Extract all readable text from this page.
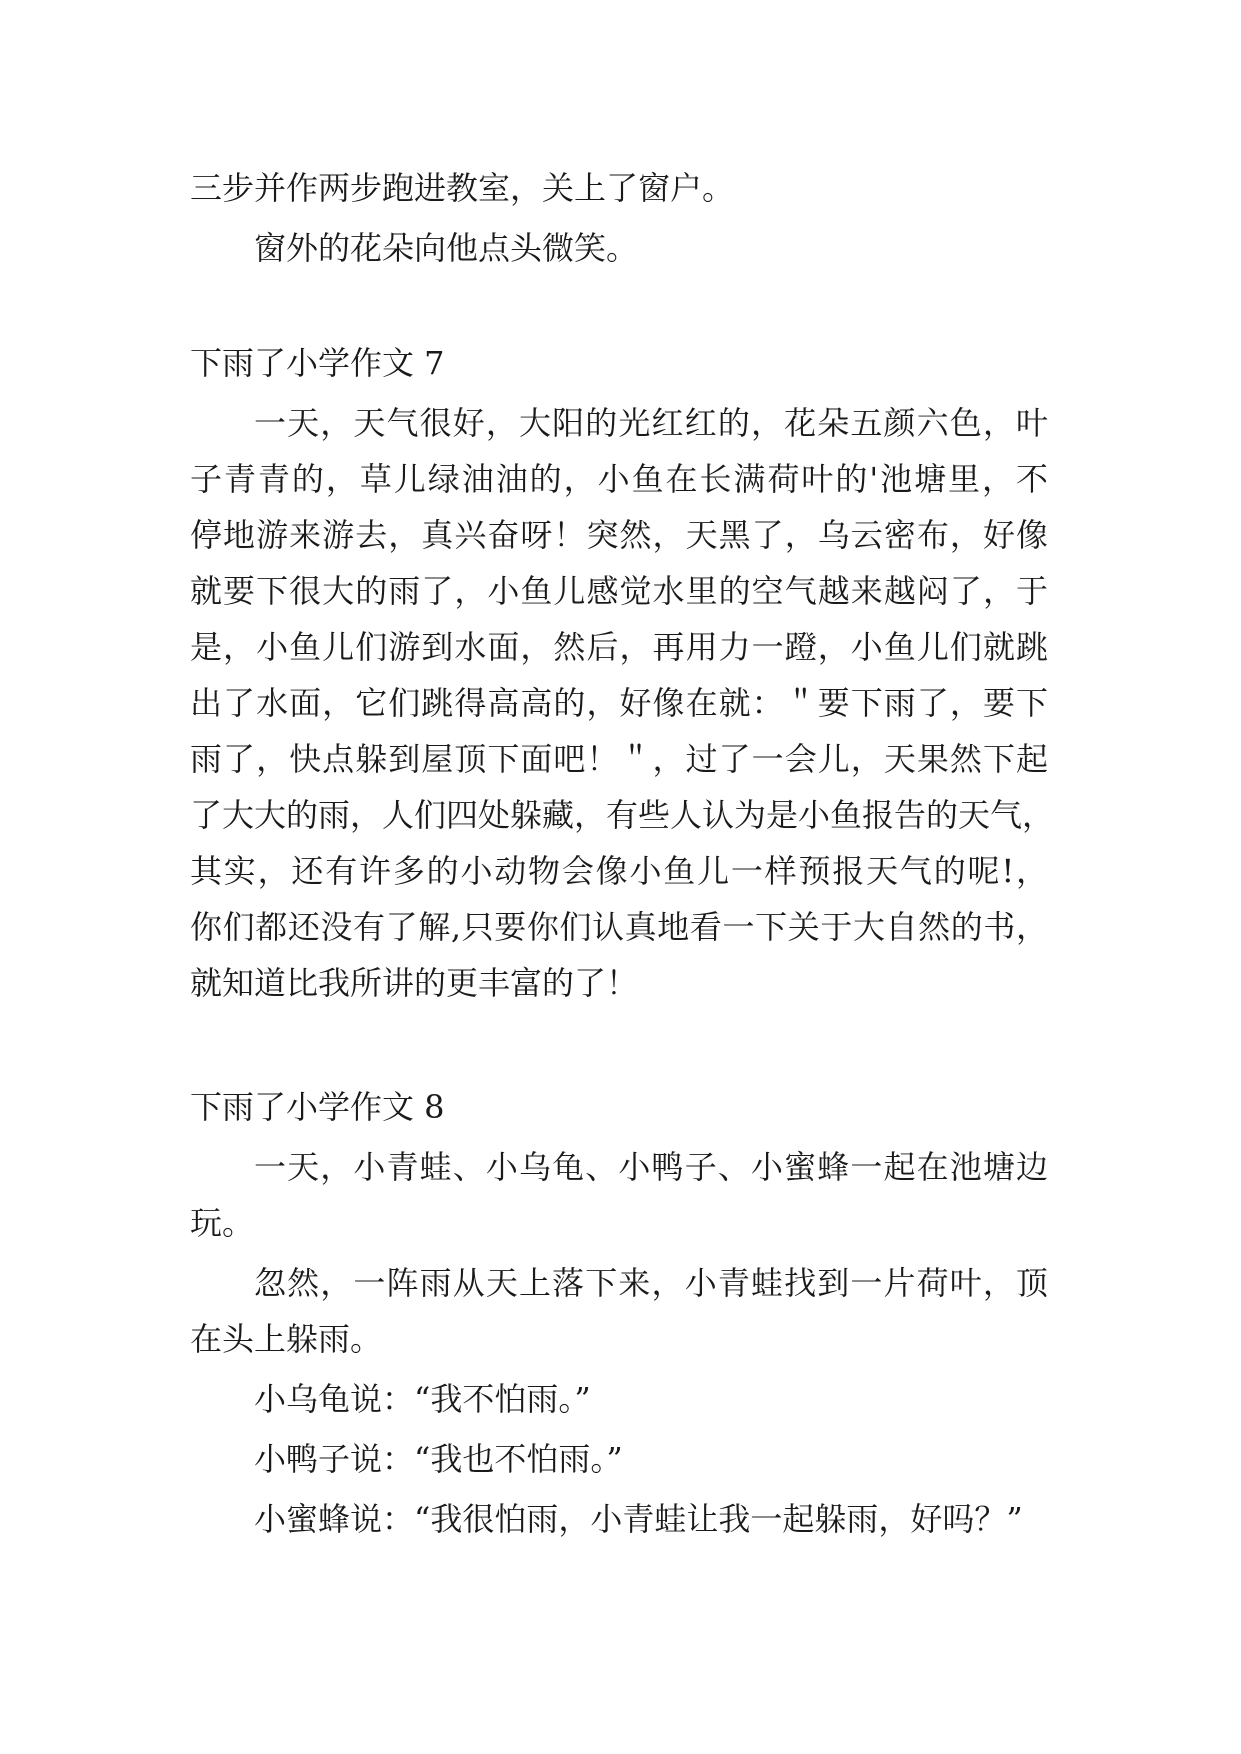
三步并作两步跑进教室，关上了窗户。
窗外的花朵向他点头微笑。
下雨了小学作文 7
一天，天气很好，大阳的光红红的，花朵五颜六色，叶
子青青的，草儿绿油油的，小鱼在长满荷叶的'池塘里，不
停地游来游去，真兴奋呀！突然，天黑了，乌云密布，好像
就要下很大的雨了，小鱼儿感觉水里的空气越来越闷了，于
是，小鱼儿们游到水面，然后，再用力一蹬，小鱼儿们就跳
出了水面，它们跳得高高的，好像在就：＂要下雨了，要下
雨了，快点躲到屋顶下面吧！＂，过了一会儿，天果然下起
了大大的雨，人们四处躲藏，有些人认为是小鱼报告的天气，
其实，还有许多的小动物会像小鱼儿一样预报天气的呢!，
你们都还没有了解,只要你们认真地看一下关于大自然的书，
就知道比我所讲的更丰富的了！
下雨了小学作文 8
一天，小青蛙、小乌龟、小鸭子、小蜜蜂一起在池塘边
玩。
忽然，一阵雨从天上落下来，小青蛙找到一片荷叶，顶
在头上躲雨。
小乌龟说：“我不怕雨。”
小鸭子说：“我也不怕雨。”
小蜜蜂说：“我很怕雨，小青蛙让我一起躲雨，好吗？”
